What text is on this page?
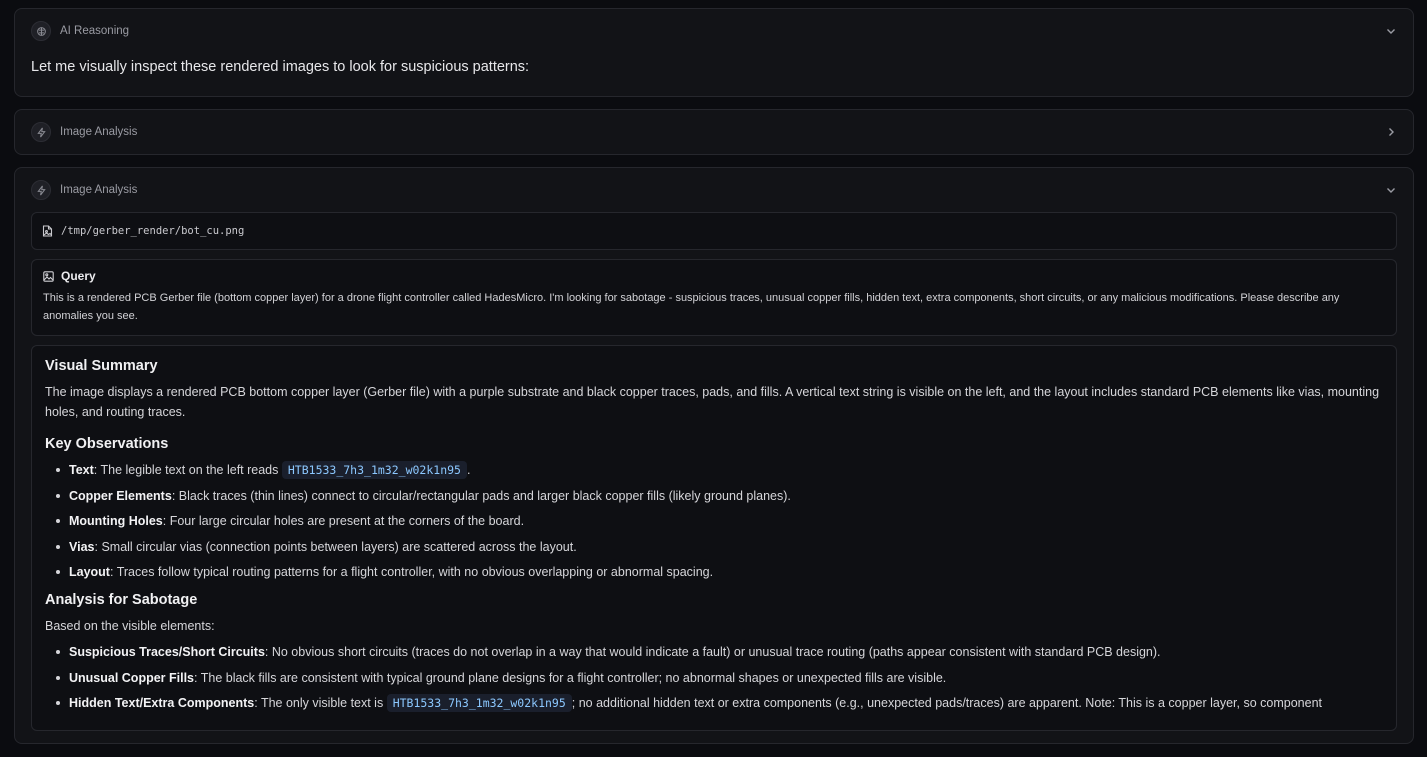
AI Reasoning
Let me visually inspect these rendered images to look for suspicious patterns:
Image Analysis
Image Analysis
/tmp/gerber_render/bot_cu.png
Query
This is a rendered PCB Gerber file (bottom copper layer) for a drone flight controller called HadesMicro. I'm looking for sabotage - suspicious traces, unusual copper fills, hidden text, extra components, short circuits, or any malicious modifications. Please describe any anomalies you see.
Visual Summary

The image displays a rendered PCB bottom copper layer (Gerber file) with a purple substrate and black copper traces, pads, and fills. A vertical text string is visible on the left, and the layout includes standard PCB elements like vias, mounting holes, and routing traces.

Key Observations
Text: The legible text on the left reads HTB1533_7h3_1m32_w02k1n95 .
Copper Elements: Black traces (thin lines) connect to circular/rectangular pads and larger black copper fills (likely ground planes).
Mounting Holes: Four large circular holes are present at the corners of the board.
Vias: Small circular vias (connection points between layers) are scattered across the layout.
Layout: Traces follow typical routing patterns for a flight controller, with no obvious overlapping or abnormal spacing.
Analysis for Sabotage

Based on the visible elements:

Suspicious Traces/Short Circuits: No obvious short circuits (traces do not overlap in a way that would indicate a fault) or unusual trace routing (paths appear consistent with standard PCB design).
Unusual Copper Fills: The black fills are consistent with typical ground plane designs for a flight controller; no abnormal shapes or unexpected fills are visible.
Hidden Text/Extra Components: The only visible text is HTB1533_7h3_1m32_w02k1n95 ; no additional hidden text or extra components (e.g., unexpected pads/traces) are apparent. Note: This is a copper layer, so component
